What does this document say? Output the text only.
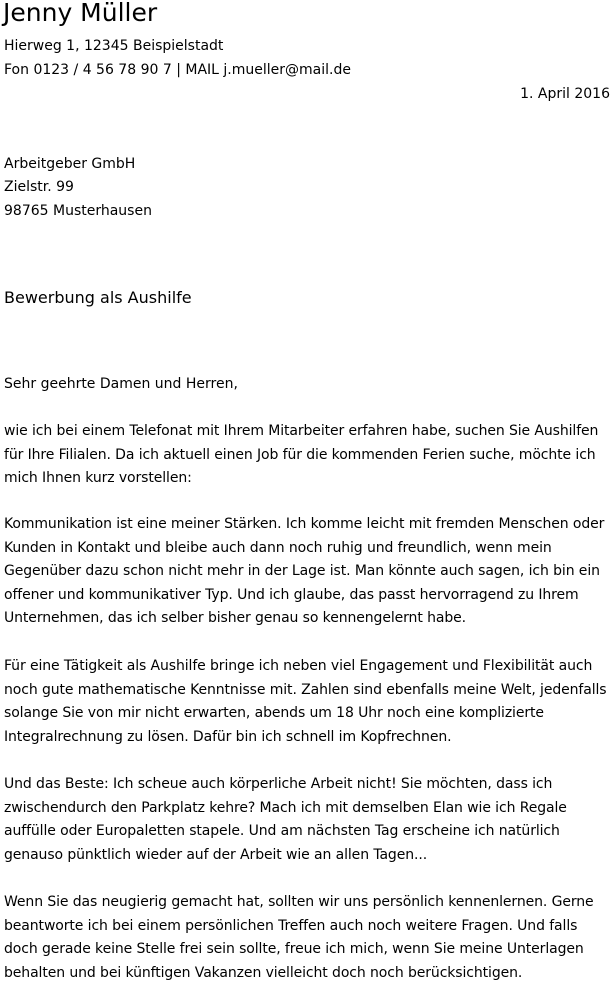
Jenny Müller
Hierweg 1, 12345 Beispielstadt
Fon 0123 / 4 56 78 90 7 | MAIL j.mueller@mail.de
1. April 2016
Arbeitgeber GmbH
Zielstr. 99
98765 Musterhausen
Bewerbung als Aushilfe
Sehr geehrte Damen und Herren,

wie ich bei einem Telefonat mit Ihrem Mitarbeiter erfahren habe, suchen Sie Aushilfen für Ihre Filialen. Da ich aktuell einen Job für die kommenden Ferien suche, möchte ich mich Ihnen kurz vorstellen:

Kommunikation ist eine meiner Stärken. Ich komme leicht mit fremden Menschen oder Kunden in Kontakt und bleibe auch dann noch ruhig und freundlich, wenn mein Gegenüber dazu schon nicht mehr in der Lage ist. Man könnte auch sagen, ich bin ein offener und kommunikativer Typ. Und ich glaube, das passt hervorragend zu Ihrem Unternehmen, das ich selber bisher genau so kennengelernt habe.

Für eine Tätigkeit als Aushilfe bringe ich neben viel Engagement und Flexibilität auch noch gute mathematische Kenntnisse mit. Zahlen sind ebenfalls meine Welt, jedenfalls solange Sie von mir nicht erwarten, abends um 18 Uhr noch eine komplizierte Integralrechnung zu lösen. Dafür bin ich schnell im Kopfrechnen.

Und das Beste: Ich scheue auch körperliche Arbeit nicht! Sie möchten, dass ich zwischendurch den Parkplatz kehre? Mach ich mit demselben Elan wie ich Regale auffülle oder Europaletten stapele. Und am nächsten Tag erscheine ich natürlich genauso pünktlich wieder auf der Arbeit wie an allen Tagen...

Wenn Sie das neugierig gemacht hat, sollten wir uns persönlich kennenlernen. Gerne beantworte ich bei einem persönlichen Treffen auch noch weitere Fragen. Und falls doch gerade keine Stelle frei sein sollte, freue ich mich, wenn Sie meine Unterlagen behalten und bei künftigen Vakanzen vielleicht doch noch berücksichtigen.
